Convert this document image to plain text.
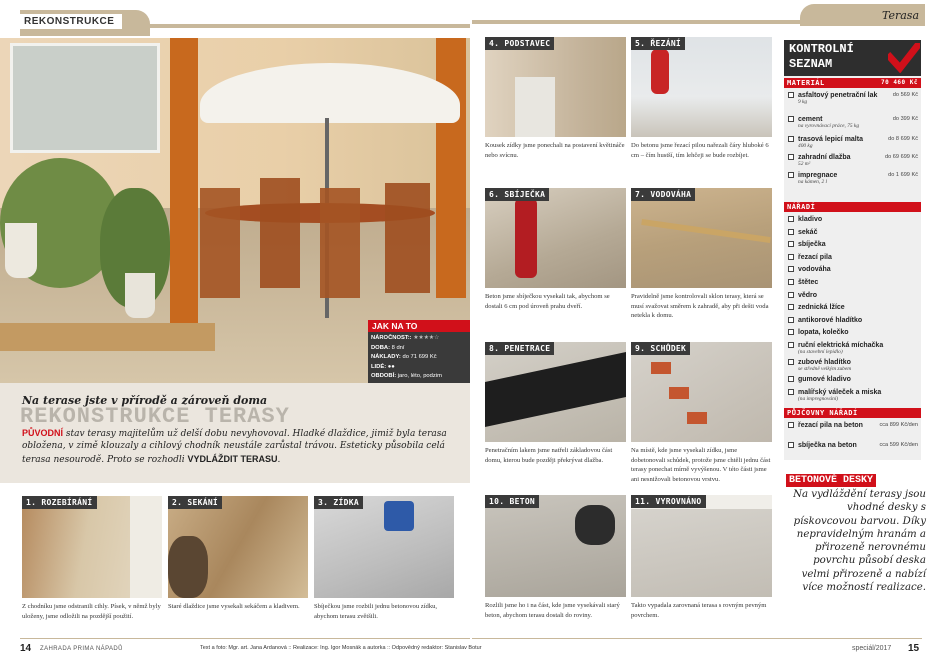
REKONSTRUKCE	Terasa
JAK NA TO
NÁROČNOST:: ★★★★☆
DOBA: 8 dní
NÁKLADY: do 71 699 Kč
LIDÉ: ●●
OBDOBÍ: jaro, léto, podzim
Na terase jste v přírodě a zároveň doma
REKONSTRUKCE TERASY
PŮVODNÍ stav terasy majitelům už delší dobu nevyhovoval. Hladké dlaždice, jimiž byla terasa obložena, v zimě klouzaly a cihlový chodník neustále zarůstal trávou. Esteticky působila celá terasa nesourodě. Proto se rozhodli VYDLÁŽDIT TERASU.
1. ROZEBÍRÁNÍ
Z chodníku jsme odstranili cihly. Písek, v němž byly uloženy, jsme odložili na pozdější použití.
2. SEKÁNÍ
Staré dlaždice jsme vysekali sekáčem a kladivem.
3. ZÍDKA
Sbíječkou jsme rozbili jednu betonovou zídku, abychom terasu zvětšili.
4. PODSTAVEC
Kousek zídky jsme ponechali na postavení květináče nebo svícnu.
5. ŘEZÁNÍ
Do betonu jsme řezací pilou nařezali čáry hluboké 6 cm – čím hustší, tím lehčeji se bude rozbíjet.
6. SBÍJEČKA
Beton jsme sbíječkou vysekali tak, abychom se dostali 6 cm pod úroveň prahu dveří.
7. VODOVÁHA
Pravidelně jsme kontrolovali sklon terasy, která se musí svažovat směrem k zahradě, aby při dešti voda netekla k domu.
8. PENETRACE
Penetračním lakem jsme natřeli základovou část domu, kterou bude později překrývat dlažba.
9. SCHŮDEK
Na místě, kde jsme vysekali zídku, jsme dobetonovali schůdek, protože jsme chtěli jednu část terasy ponechat mírně vyvýšenou. V této části jsme ani nesnižovali betonovou vrstvu.
10. BETON
Rozlili jsme ho i na část, kde jsme vysekávali starý beton, abychom terasu dostali do roviny.
11. VYROVNÁNO
Takto vypadala zarovnaná terasa s rovným pevným povrchem.
KONTROLNÍ
SEZNAM
MATERIÁL	70 460 Kč
NÁŘADÍ
PŮJČOVNY NÁŘADÍ
asfaltový penetrační lak	do 569 Kč
9 kg
cement	do 399 Kč
na vyrovnávací práce, 75 kg
trasová lepicí malta	do 8 699 Kč
400 kg
zahradní dlažba	do 69 699 Kč
52 m²
impregnace	do 1 699 Kč
na kámen, 2 l
kladivo
sekáč
sbíječka
řezací pila
vodováha
štětec
vědro
zednická lžíce
antikorové hladítko
lopata, kolečko
ruční elektrická míchačka
(na stavební lepidlo)
zubové hladítko
se středně velkým zubem
gumové kladivo
malířský váleček a miska
(na impregnování)
řezací pila na beton	cca 899 Kč/den
sbíječka na beton	cca 599 Kč/den
BETONOVÉ DESKY
Na vydláždění terasy jsou vhodné desky s pískovcovou barvou. Díky nepravidelným hranám a přirozeně nerovnému povrchu působí deska velmi přirozeně a nabízí více možností realizace.
14 ZAHRADA PRIMA NÁPADŮ	Text a foto: Mgr. art. Jana Ardanová :: Realizace: Ing. Igor Mosnák a autorka :: Odpovědný redaktor: Stanislav Botur	speciál/2017 15
